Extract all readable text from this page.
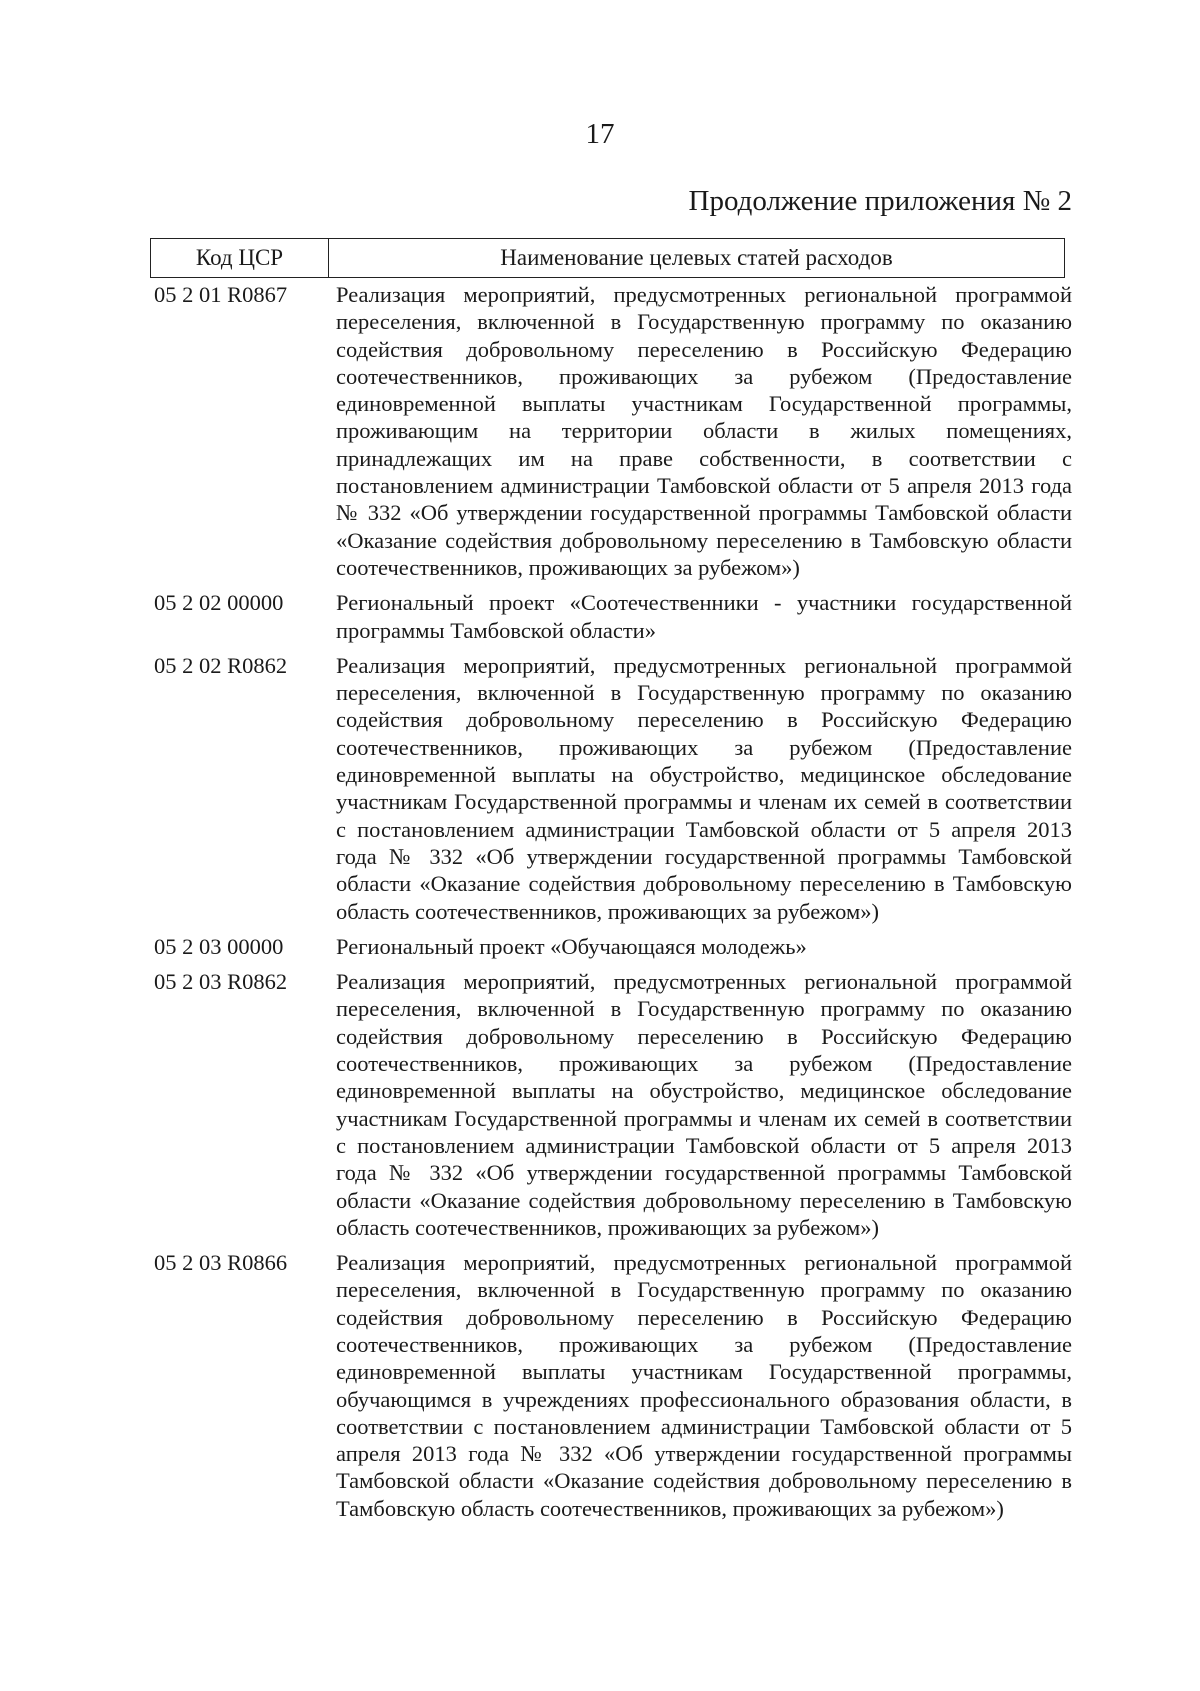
17
Продолжение приложения № 2
Код ЦСР	Наименование целевых статей расходов
05 2 01 R0867	Реализация мероприятий, предусмотренных региональной программой переселения, включенной в Государственную программу по оказанию содействия добровольному переселению в Российскую Федерацию соотечественников, проживающих за рубежом (Предоставление единовременной выплаты участникам Государственной программы, проживающим на территории области в жилых помещениях, принадлежащих им на праве собственности, в соответствии с постановлением администрации Тамбовской области от 5 апреля 2013 года № 332 «Об утверждении государственной программы Тамбовской области «Оказание содействия добровольному переселению в Тамбовскую области соотечественников, проживающих за рубежом»)
05 2 02 00000	Региональный проект «Соотечественники - участники государственной программы Тамбовской области»
05 2 02 R0862	Реализация мероприятий, предусмотренных региональной программой переселения, включенной в Государственную программу по оказанию содействия добровольному переселению в Российскую Федерацию соотечественников, проживающих за рубежом (Предоставление единовременной выплаты на обустройство, медицинское обследование участникам Государственной программы и членам их семей в соответствии с постановлением администрации Тамбовской области от 5 апреля 2013 года № 332 «Об утверждении государственной программы Тамбовской области «Оказание содействия добровольному переселению в Тамбовскую область соотечественников, проживающих за рубежом»)
05 2 03 00000	Региональный проект «Обучающаяся молодежь»
05 2 03 R0862	Реализация мероприятий, предусмотренных региональной программой переселения, включенной в Государственную программу по оказанию содействия добровольному переселению в Российскую Федерацию соотечественников, проживающих за рубежом (Предоставление единовременной выплаты на обустройство, медицинское обследование участникам Государственной программы и членам их семей в соответствии с постановлением администрации Тамбовской области от 5 апреля 2013 года № 332 «Об утверждении государственной программы Тамбовской области «Оказание содействия добровольному переселению в Тамбовскую область соотечественников, проживающих за рубежом»)
05 2 03 R0866	Реализация мероприятий, предусмотренных региональной программой переселения, включенной в Государственную программу по оказанию содействия добровольному переселению в Российскую Федерацию соотечественников, проживающих за рубежом (Предоставление единовременной выплаты участникам Государственной программы, обучающимся в учреждениях профессионального образования области, в соответствии с постановлением администрации Тамбовской области от 5 апреля 2013 года № 332 «Об утверждении государственной программы Тамбовской области «Оказание содействия добровольному переселению в Тамбовскую область соотечественников, проживающих за рубежом»)
